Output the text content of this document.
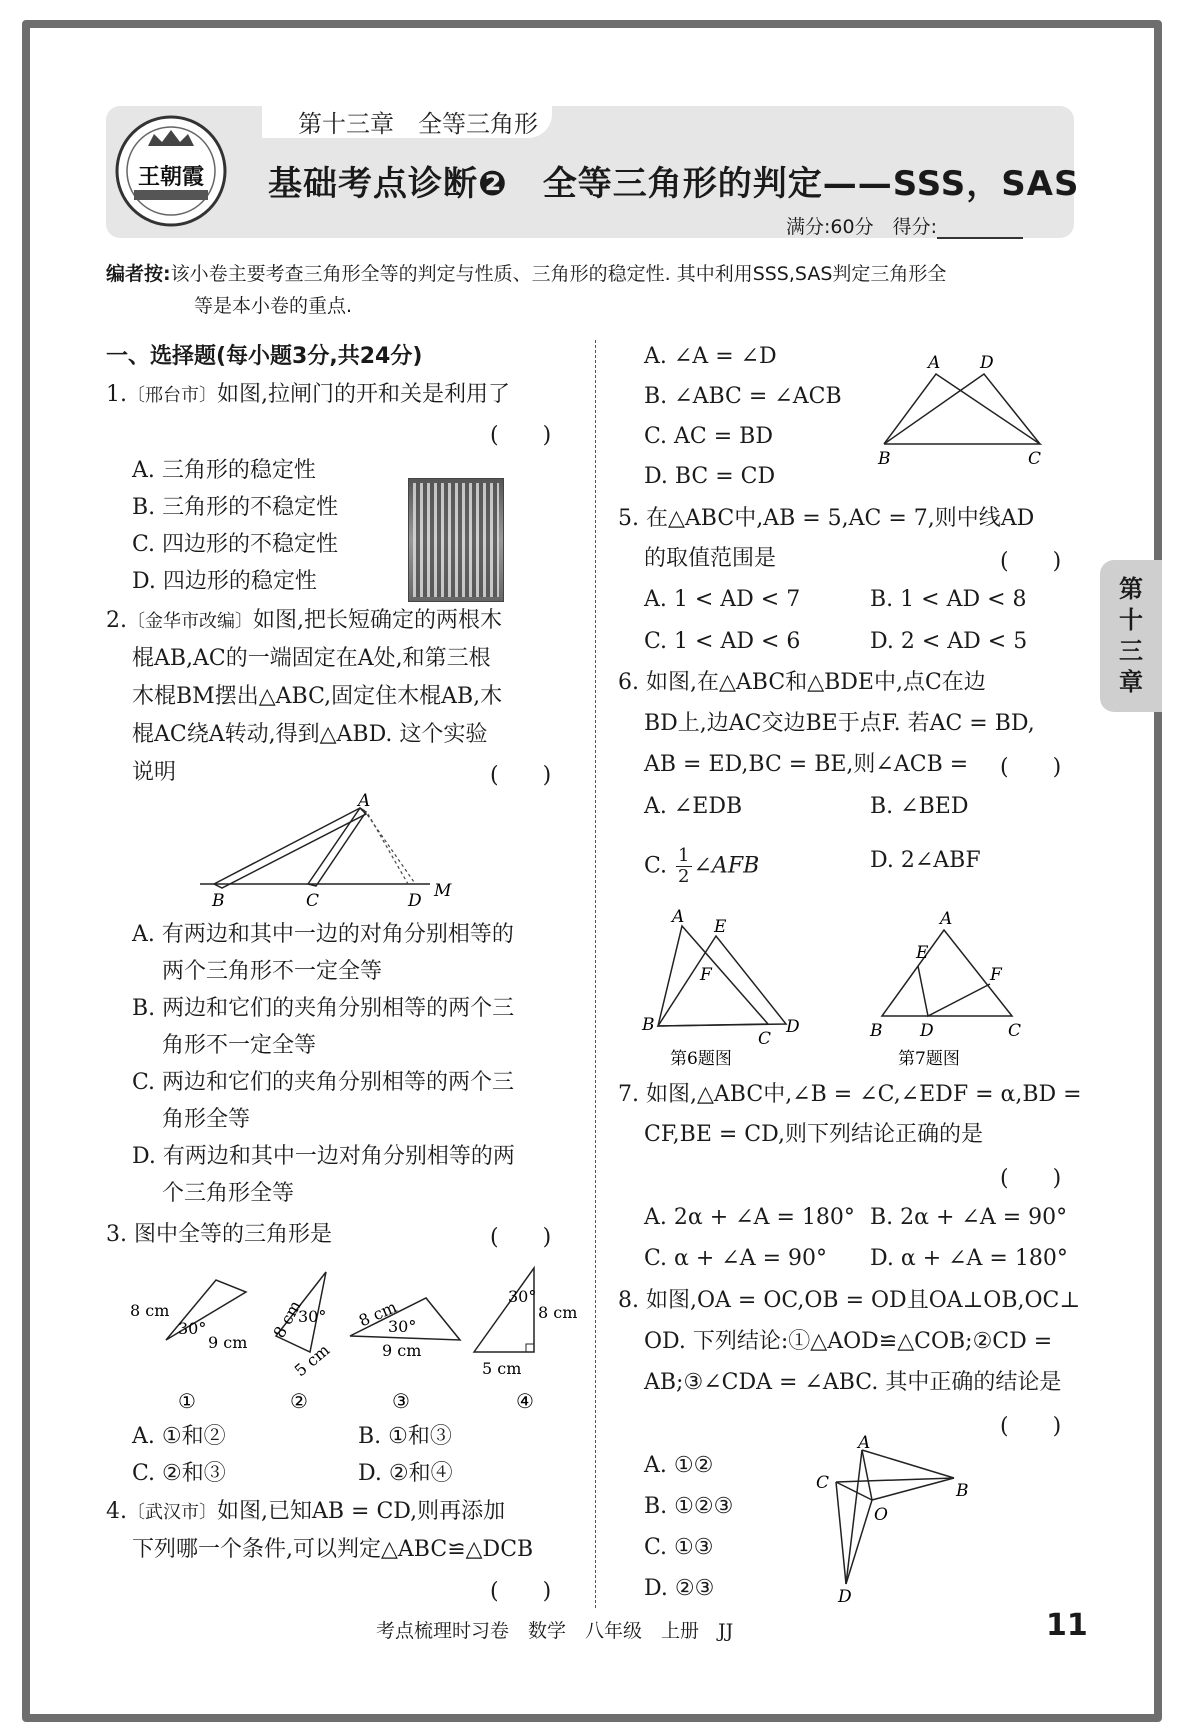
第十三章　全等三角形
王朝霞 基础考点诊断❷　全等三角形的判定——SSS，SAS
满分:60分　得分:
编者按:该小卷主要考查三角形全等的判定与性质、三角形的稳定性. 其中利用SSS,SAS判定三角形全
等是本小卷的重点.
一、选择题(每小题3分,共24分)
1.〔邢台市〕如图,拉闸门的开和关是利用了
(　　)
A. 三角形的稳定性
B. 三角形的不稳定性
C. 四边形的不稳定性
D. 四边形的稳定性
2.〔金华市改编〕如图,把长短确定的两根木
棍AB,AC的一端固定在A处,和第三根
木棍BM摆出△ABC,固定住木棍AB,木
棍AC绕A转动,得到△ABD. 这个实验
说明	(　　)
A
B	C	D M
A. 有两边和其中一边的对角分别相等的
两个三角形不一定全等
B. 两边和它们的夹角分别相等的两个三
角形不一定全等
C. 两边和它们的夹角分别相等的两个三
角形全等
D. 有两边和其中一边对角分别相等的两
个三角形全等
3. 图中全等的三角形是	(　　)
8 cm
30°
9 cm
①
8 cm
30°
5 cm
②
8 cm
30°
9 cm
③
30°
8 cm
5 cm
④
A. ①和②	B. ①和③
C. ②和③	D. ②和④
4.〔武汉市〕如图,已知AB = CD,则再添加
下列哪一个条件,可以判定△ABC≌△DCB
(　　)
A. ∠A = ∠D
B. ∠ABC = ∠ACB
C. AC = BD
D. BC = CD
A D
B	C
5. 在△ABC中,AB = 5,AC = 7,则中线AD
的取值范围是	(　　)
A. 1 < AD < 7	B. 1 < AD < 8
C. 1 < AD < 6	D. 2 < AD < 5
6. 如图,在△ABC和△BDE中,点C在边
BD上,边AC交边BE于点F. 若AC = BD,
AB = ED,BC = BE,则∠ACB = (　　)
A. ∠EDB	B. ∠BED
C. $\frac{1}{2}$ ∠AFB	D. 2∠ABF
A E
F
B
C
D
第6题图
A
E
F
B D	C
第7题图
7. 如图,△ABC中,∠B = ∠C,∠EDF = α,BD =
CF,BE = CD,则下列结论正确的是
(　　)
A. 2α + ∠A = 180° B. 2α + ∠A = 90°
C. α + ∠A = 90° D. α + ∠A = 180°
8. 如图,OA = OC,OB = OD且OA⊥OB,OC⊥
OD. 下列结论:①△AOD≌△COB;②CD =
AB;③∠CDA = ∠ABC. 其中正确的结论是
(　　)
A. ①②
B. ①②③
C. ①③
D. ②③
A
B
C
O
D
第十三章
考点梳理时习卷　数学　八年级　上册　JJ	11
